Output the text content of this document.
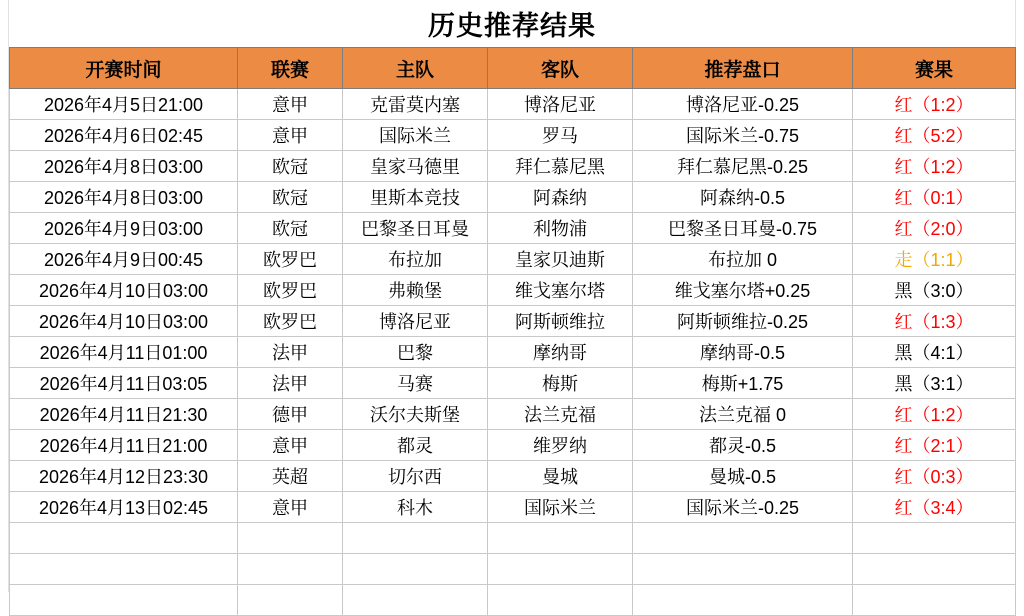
历史推荐结果
开赛时间	联赛	主队	客队	推荐盘口	赛果
2026年4月5日21:00	意甲	克雷莫内塞	博洛尼亚	博洛尼亚-0.25	红（1:2）
2026年4月6日02:45	意甲	国际米兰	罗马	国际米兰-0.75	红（5:2）
2026年4月8日03:00	欧冠	皇家马德里	拜仁慕尼黑	拜仁慕尼黑-0.25	红（1:2）
2026年4月8日03:00	欧冠	里斯本竞技	阿森纳	阿森纳-0.5	红（0:1）
2026年4月9日03:00	欧冠	巴黎圣日耳曼	利物浦	巴黎圣日耳曼-0.75	红（2:0）
2026年4月9日00:45	欧罗巴	布拉加	皇家贝迪斯	布拉加 0	走（1:1）
2026年4月10日03:00	欧罗巴	弗赖堡	维戈塞尔塔	维戈塞尔塔+0.25	黑（3:0）
2026年4月10日03:00	欧罗巴	博洛尼亚	阿斯顿维拉	阿斯顿维拉-0.25	红（1:3）
2026年4月11日01:00	法甲	巴黎	摩纳哥	摩纳哥-0.5	黑（4:1）
2026年4月11日03:05	法甲	马赛	梅斯	梅斯+1.75	黑（3:1）
2026年4月11日21:30	德甲	沃尔夫斯堡	法兰克福	法兰克福 0	红（1:2）
2026年4月11日21:00	意甲	都灵	维罗纳	都灵-0.5	红（2:1）
2026年4月12日23:30	英超	切尔西	曼城	曼城-0.5	红（0:3）
2026年4月13日02:45	意甲	科木	国际米兰	国际米兰-0.25	红（3:4）
